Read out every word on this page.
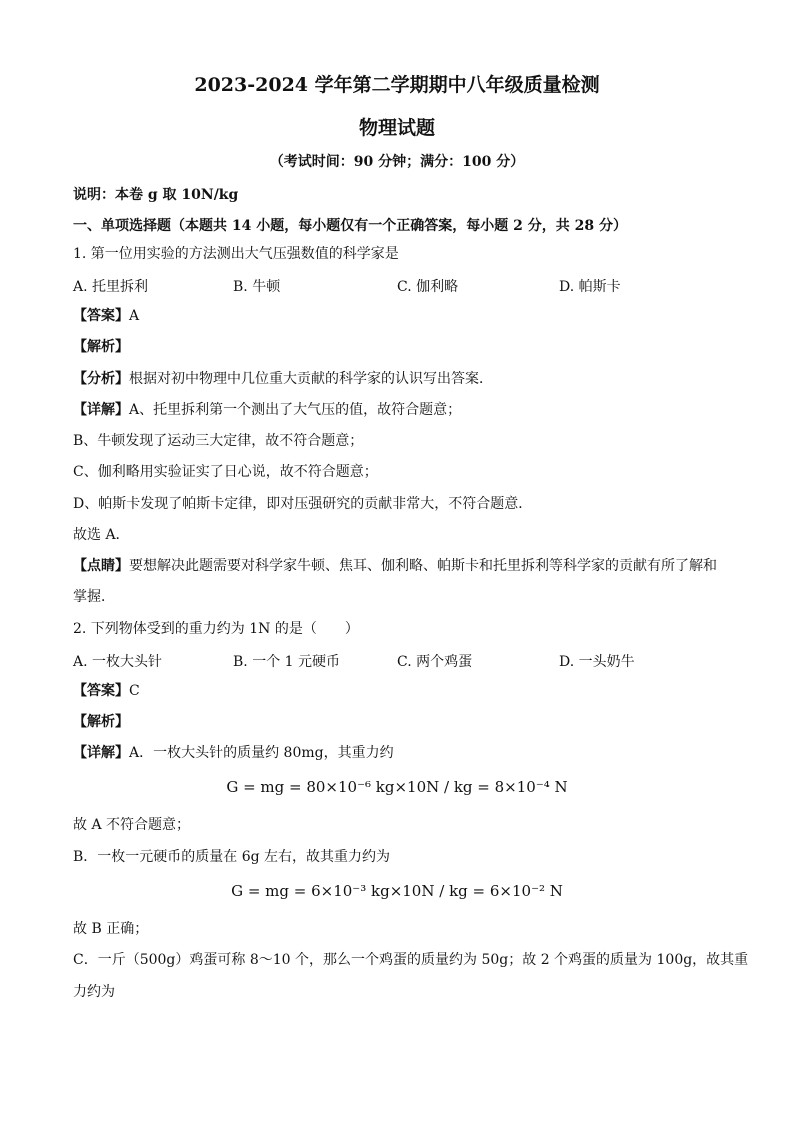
2023-2024 学年第二学期期中八年级质量检测
物理试题
（考试时间：90 分钟；满分：100 分）
说明：本卷 g 取 10N/kg
一、单项选择题（本题共 14 小题，每小题仅有一个正确答案，每小题 2 分，共 28 分）
1. 第一位用实验的方法测出大气压强数值的科学家是
A. 托里拆利	B. 牛顿	C. 伽利略	D. 帕斯卡
【答案】A
【解析】
【分析】根据对初中物理中几位重大贡献的科学家的认识写出答案．
【详解】A、托里拆利第一个测出了大气压的值，故符合题意；
B、牛顿发现了运动三大定律，故不符合题意；
C、伽利略用实验证实了日心说，故不符合题意；
D、帕斯卡发现了帕斯卡定律，即对压强研究的贡献非常大，不符合题意．
故选 A．
【点睛】要想解决此题需要对科学家牛顿、焦耳、伽利略、帕斯卡和托里拆利等科学家的贡献有所了解和
掌握．
2. 下列物体受到的重力约为 1N 的是（　　）
A. 一枚大头针	B. 一个 1 元硬币	C. 两个鸡蛋	D. 一头奶牛
【答案】C
【解析】
【详解】A．一枚大头针的质量约 80mg，其重力约
G = mg = 80×10⁻⁶ kg×10N / kg = 8×10⁻⁴ N
故 A 不符合题意；
B．一枚一元硬币的质量在 6g 左右，故其重力约为
G = mg = 6×10⁻³ kg×10N / kg = 6×10⁻² N
故 B 正确；
C．一斤（500g）鸡蛋可称 8～10 个，那么一个鸡蛋的质量约为 50g；故 2 个鸡蛋的质量为 100g，故其重
力约为
